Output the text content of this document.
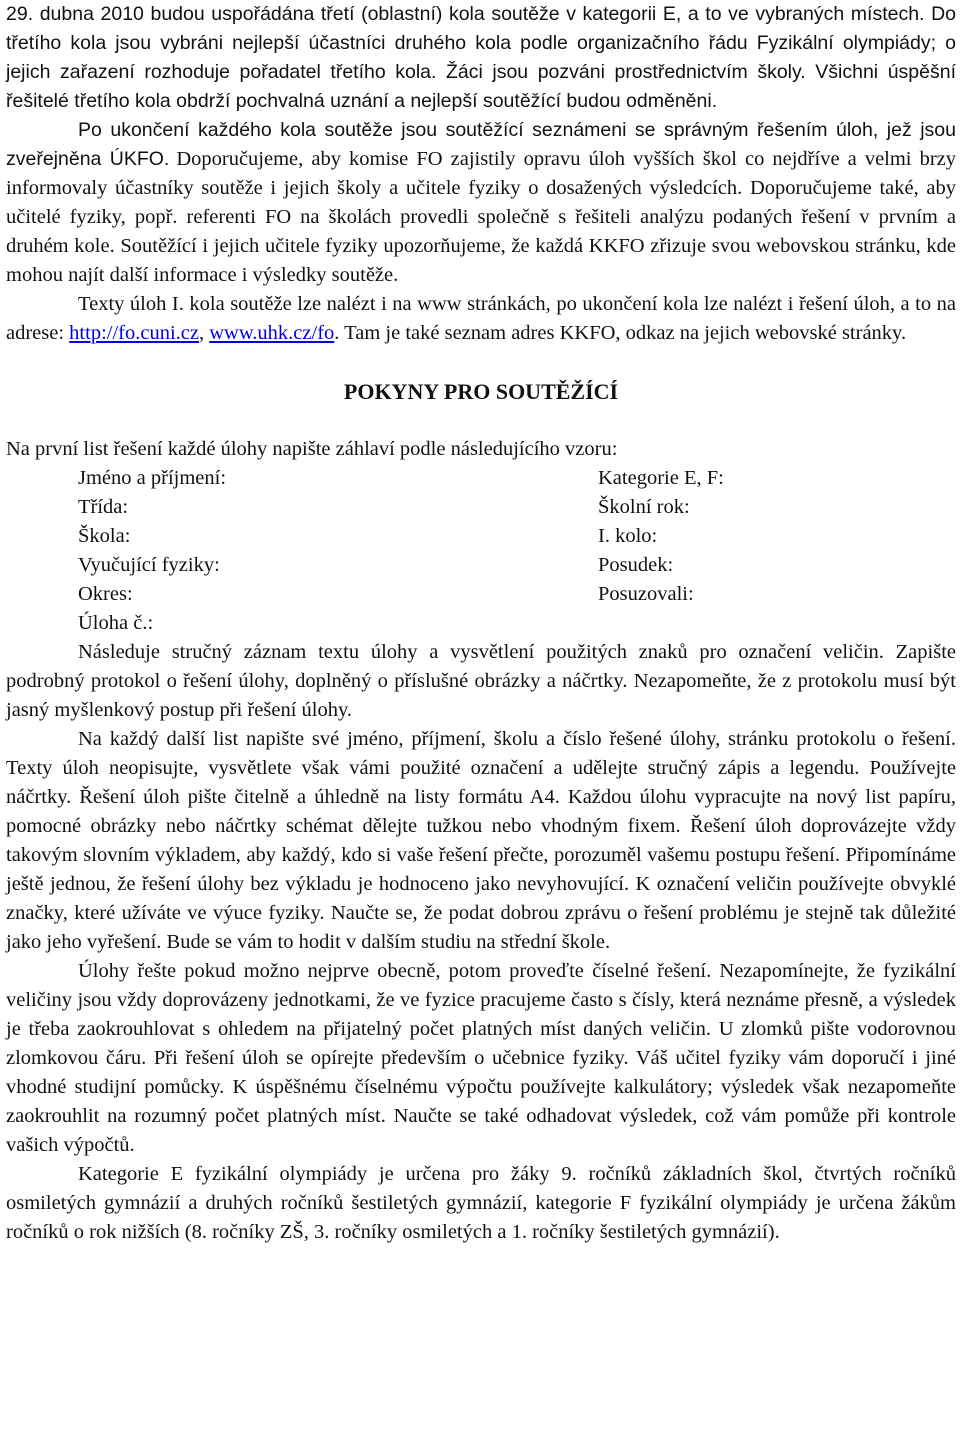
29. dubna 2010 budou uspořádána třetí (oblastní) kola soutěže v kategorii E, a to ve vybraných místech. Do třetího kola jsou vybráni nejlepší účastníci druhého kola podle organizačního řádu Fyzikální olympiády; o jejich zařazení rozhoduje pořadatel třetího kola. Žáci jsou pozváni prostřednictvím školy. Všichni úspěšní řešitelé třetího kola obdrží pochvalná uznání a nejlepší soutěžící budou odměněni.

Po ukončení každého kola soutěže jsou soutěžící seznámeni se správným řešením úloh, jež jsou zveřejněna ÚKFO. Doporučujeme, aby komise FO zajistily opravu úloh vyšších škol co nejdříve a velmi brzy informovaly účastníky soutěže i jejich školy a učitele fyziky o dosažených výsledcích. Doporučujeme také, aby učitelé fyziky, popř. referenti FO na školách provedli společně s řešiteli analýzu podaných řešení v prvním a druhém kole. Soutěžící i jejich učitele fyziky upozorňujeme, že každá KKFO zřizuje svou webovskou stránku, kde mohou najít další informace i výsledky soutěže.

Texty úloh I. kola soutěže lze nalézt i na www stránkách, po ukončení kola lze nalézt i řešení úloh, a to na adrese: http://fo.cuni.cz, www.uhk.cz/fo. Tam je také seznam adres KKFO, odkaz na jejich webovské stránky.

POKYNY PRO SOUTĚŽÍCÍ

Na první list řešení každé úlohy napište záhlaví podle následujícího vzoru:

Jméno a příjmení:	Kategorie E, F:
Třída:	Školní rok:
Škola:	I. kolo:
Vyučující fyziky:	Posudek:
Okres:	Posuzovali:
Úloha č.:

Následuje stručný záznam textu úlohy a vysvětlení použitých znaků pro označení veličin. Zapište podrobný protokol o řešení úlohy, doplněný o příslušné obrázky a náčrtky. Nezapomeňte, že z protokolu musí být jasný myšlenkový postup při řešení úlohy.

Na každý další list napište své jméno, příjmení, školu a číslo řešené úlohy, stránku protokolu o řešení. Texty úloh neopisujte, vysvětlete však vámi použité označení a udělejte stručný zápis a legendu. Používejte náčrtky. Řešení úloh pište čitelně a úhledně na listy formátu A4. Každou úlohu vypracujte na nový list papíru, pomocné obrázky nebo náčrtky schémat dělejte tužkou nebo vhodným fixem. Řešení úloh doprovázejte vždy takovým slovním výkladem, aby každý, kdo si vaše řešení přečte, porozuměl vašemu postupu řešení. Připomínáme ještě jednou, že řešení úlohy bez výkladu je hodnoceno jako nevyhovující. K označení veličin používejte obvyklé značky, které užíváte ve výuce fyziky. Naučte se, že podat dobrou zprávu o řešení problému je stejně tak důležité jako jeho vyřešení. Bude se vám to hodit v dalším studiu na střední škole.

Úlohy řešte pokud možno nejprve obecně, potom proveďte číselné řešení. Nezapomínejte, že fyzikální veličiny jsou vždy doprovázeny jednotkami, že ve fyzice pracujeme často s čísly, která neznáme přesně, a výsledek je třeba zaokrouhlovat s ohledem na přijatelný počet platných míst daných veličin. U zlomků pište vodorovnou zlomkovou čáru. Při řešení úloh se opírejte především o učebnice fyziky. Váš učitel fyziky vám doporučí i jiné vhodné studijní pomůcky. K úspěšnému číselnému výpočtu používejte kalkulátory; výsledek však nezapomeňte zaokrouhlit na rozumný počet platných míst. Naučte se také odhadovat výsledek, což vám pomůže při kontrole vašich výpočtů.

Kategorie E fyzikální olympiády je určena pro žáky 9. ročníků základních škol, čtvrtých ročníků osmiletých gymnázií a druhých ročníků šestiletých gymnázií, kategorie F fyzikální olympiády je určena žákům ročníků o rok nižších (8. ročníky ZŠ, 3. ročníky osmiletých a 1. ročníky šestiletých gymnázií).
